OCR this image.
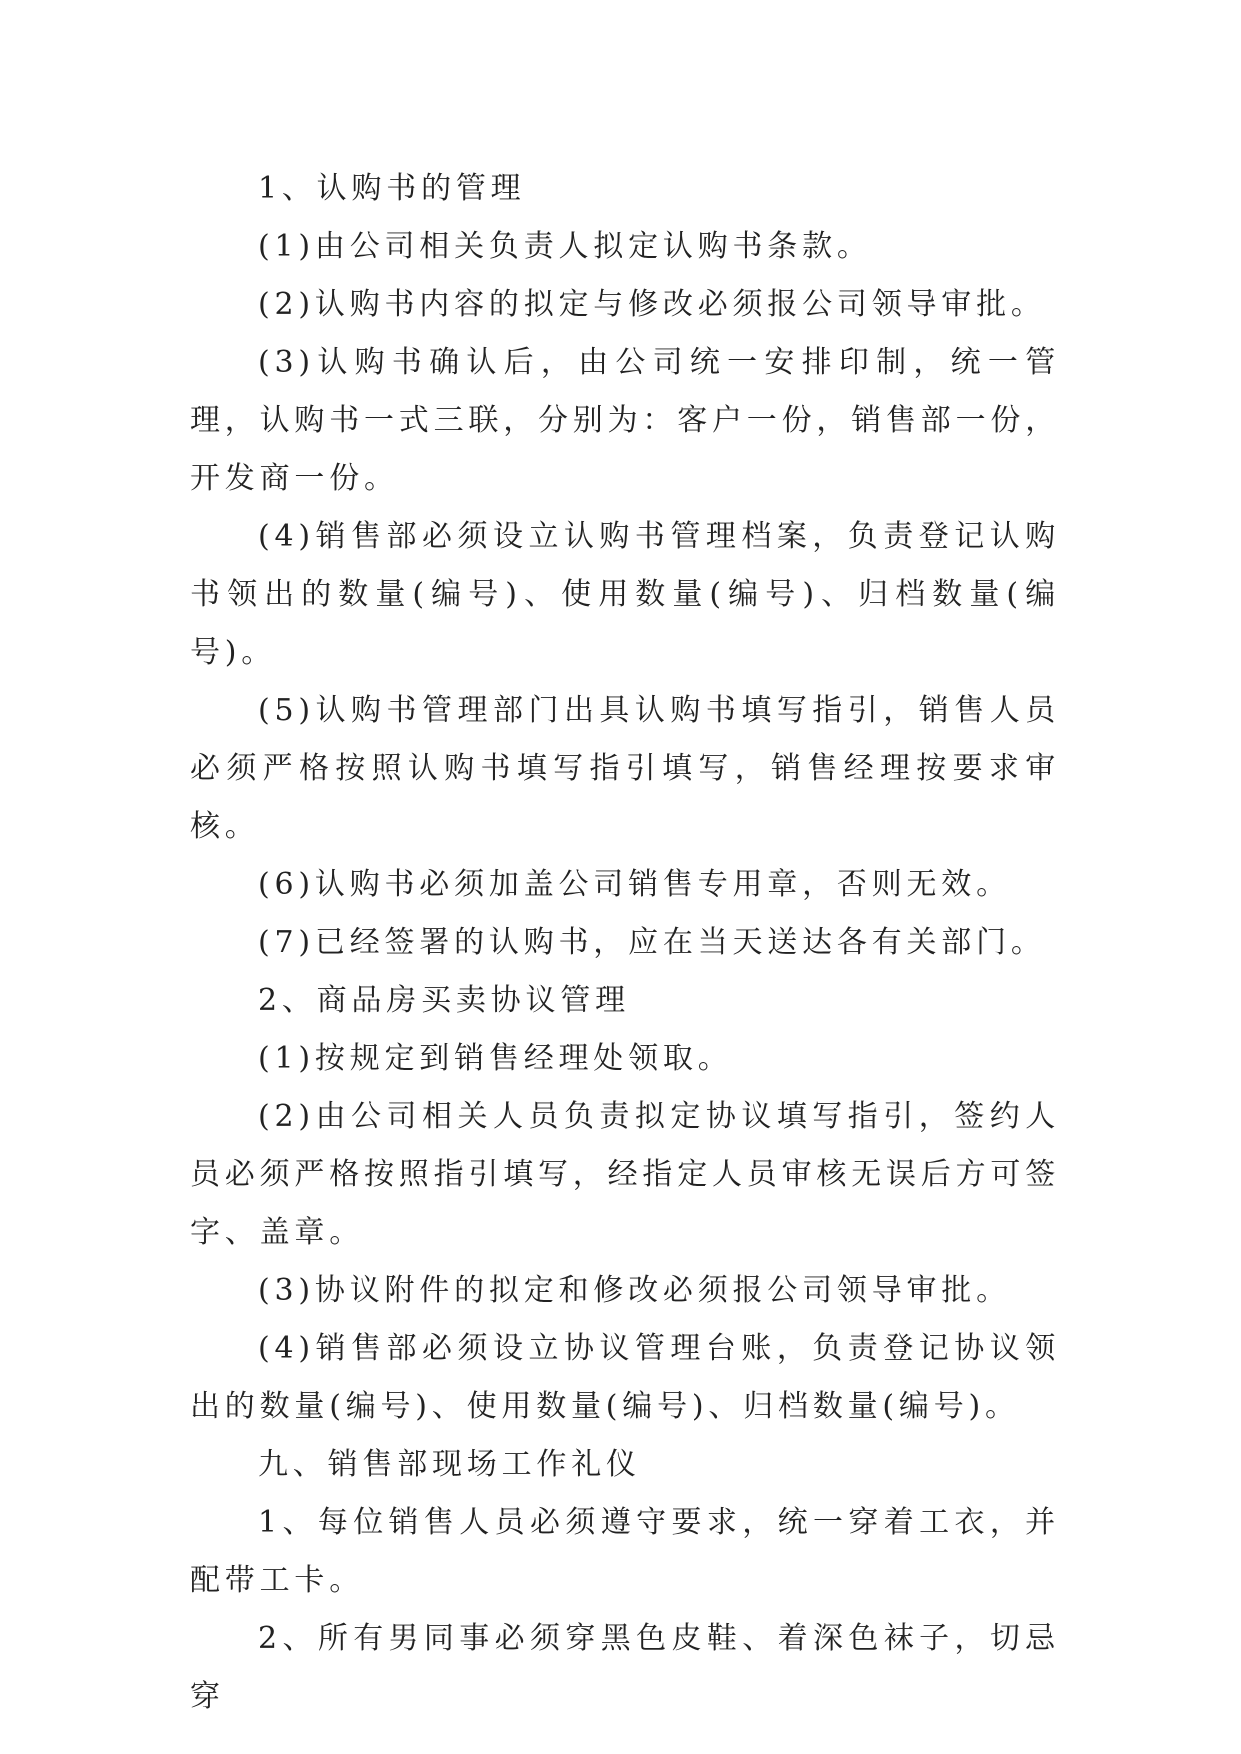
1、认购书的管理

(1)由公司相关负责人拟定认购书条款。

(2)认购书内容的拟定与修改必须报公司领导审批。

(3)认购书确认后，由公司统一安排印制，统一管理，认购书一式三联，分别为：客户一份，销售部一份，开发商一份。

(4)销售部必须设立认购书管理档案，负责登记认购书领出的数量(编号)、使用数量(编号)、归档数量(编号)。

(5)认购书管理部门出具认购书填写指引，销售人员必须严格按照认购书填写指引填写，销售经理按要求审核。

(6)认购书必须加盖公司销售专用章，否则无效。

(7)已经签署的认购书，应在当天送达各有关部门。

2、商品房买卖协议管理

(1)按规定到销售经理处领取。

(2)由公司相关人员负责拟定协议填写指引，签约人员必须严格按照指引填写，经指定人员审核无误后方可签字、盖章。

(3)协议附件的拟定和修改必须报公司领导审批。

(4)销售部必须设立协议管理台账，负责登记协议领出的数量(编号)、使用数量(编号)、归档数量(编号)。

九、销售部现场工作礼仪

1、每位销售人员必须遵守要求，统一穿着工衣，并配带工卡。

2、所有男同事必须穿黑色皮鞋、着深色袜子，切忌穿
